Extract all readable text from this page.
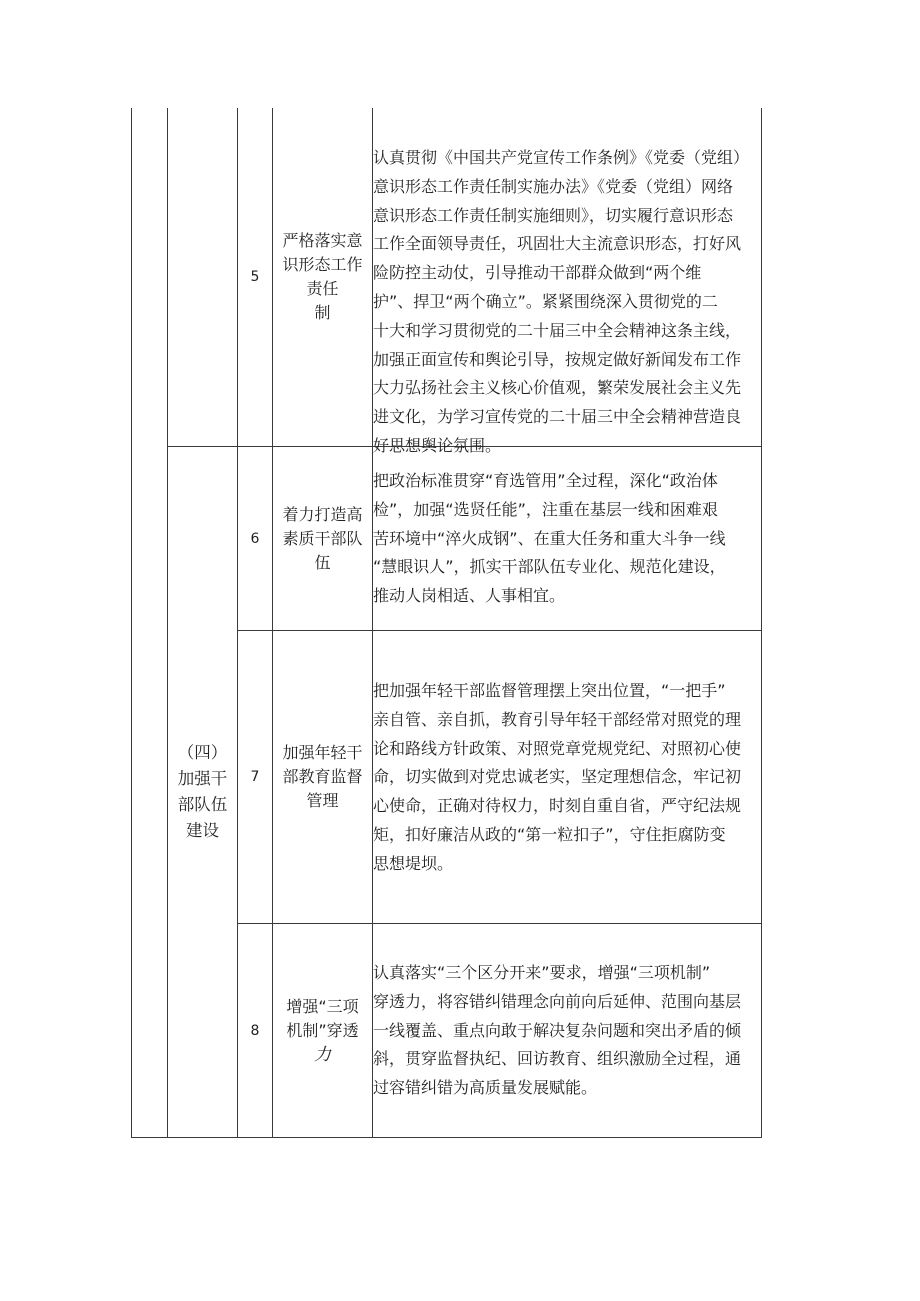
（四）
加强干
部队伍
建设
5
严格落实意
识形态工作
责任
制
认真贯彻《中国共产党宣传工作条例》《党委（党组）
意识形态工作责任制实施办法》《党委（党组）网络
意识形态工作责任制实施细则》，切实履行意识形态
工作全面领导责任，巩固壮大主流意识形态，打好风
险防控主动仗，引导推动干部群众做到“两个维
护”、捍卫“两个确立”。紧紧围绕深入贯彻党的二
十大和学习贯彻党的二十届三中全会精神这条主线，
加强正面宣传和舆论引导，按规定做好新闻发布工作
大力弘扬社会主义核心价值观，繁荣发展社会主义先
进文化，为学习宣传党的二十届三中全会精神营造良
好思想舆论氛围。
6
着力打造高
素质干部队
伍
把政治标准贯穿“育选管用”全过程，深化“政治体
检”，加强“选贤任能”，注重在基层一线和困难艰
苦环境中“淬火成钢”、在重大任务和重大斗争一线
“慧眼识人”，抓实干部队伍专业化、规范化建设，
推动人岗相适、人事相宜。
7
加强年轻干
部教育监督
管理
把加强年轻干部监督管理摆上突出位置，“一把手”
亲自管、亲自抓，教育引导年轻干部经常对照党的理
论和路线方针政策、对照党章党规党纪、对照初心使
命，切实做到对党忠诚老实，坚定理想信念，牢记初
心使命，正确对待权力，时刻自重自省，严守纪法规
矩，扣好廉洁从政的“第一粒扣子”，守住拒腐防变
思想堤坝。
8
增强“三项
机制”穿透
力
认真落实“三个区分开来”要求，增强“三项机制”
穿透力，将容错纠错理念向前向后延伸、范围向基层
一线覆盖、重点向敢于解决复杂问题和突出矛盾的倾
斜，贯穿监督执纪、回访教育、组织激励全过程，通
过容错纠错为高质量发展赋能。
